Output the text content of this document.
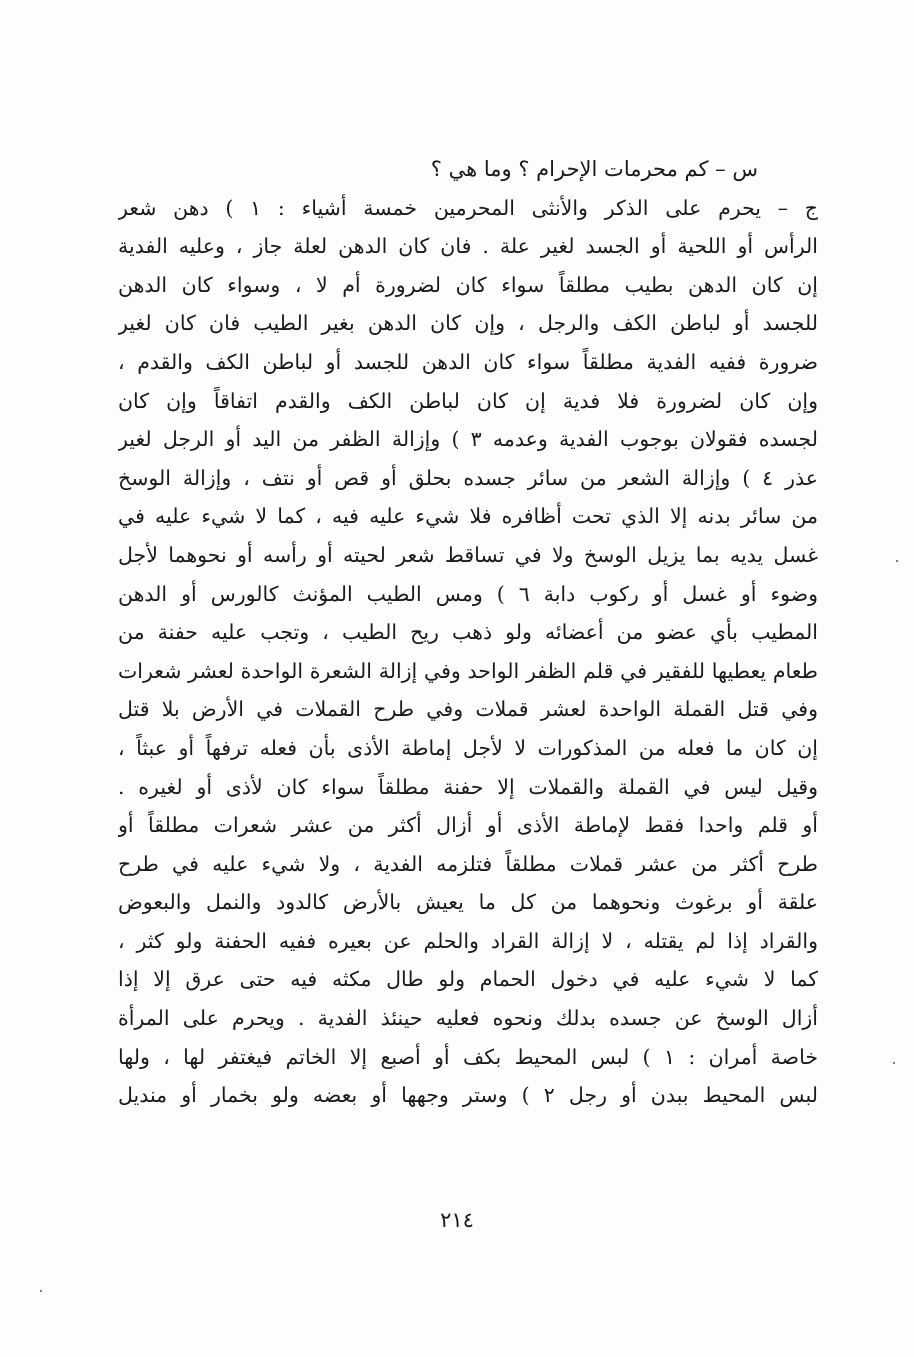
س – كم محرمات الإحرام ؟ وما هي ؟
ج – يحرم على الذكر والأنثى المحرمين خمسة أشياء : ١ ) دهن شعر
الرأس أو اللحية أو الجسد لغير علة . فان كان الدهن لعلة جاز ، وعليه الفدية
إن كان الدهن بطيب مطلقاً سواء كان لضرورة أم لا ، وسواء كان الدهن
للجسد أو لباطن الكف والرجل ، وإن كان الدهن بغير الطيب فان كان لغير
ضرورة ففيه الفدية مطلقاً سواء كان الدهن للجسد أو لباطن الكف والقدم ،
وإن كان لضرورة فلا فدية إن كان لباطن الكف والقدم اتفاقاً وإن كان
لجسده فقولان بوجوب الفدية وعدمه ٣ ) وإزالة الظفر من اليد أو الرجل لغير
عذر ٤ ) وإزالة الشعر من سائر جسده بحلق أو قص أو نتف ، وإزالة الوسخ
من سائر بدنه إلا الذي تحت أظافره فلا شيء عليه فيه ، كما لا شيء عليه في
غسل يديه بما يزيل الوسخ ولا في تساقط شعر لحيته أو رأسه أو نحوهما لأجل
وضوء أو غسل أو ركوب دابة ٦ ) ومس الطيب المؤنث كالورس أو الدهن
المطيب بأي عضو من أعضائه ولو ذهب ريح الطيب ، وتجب عليه حفنة من
طعام يعطيها للفقير في قلم الظفر الواحد وفي إزالة الشعرة الواحدة لعشر شعرات
وفي قتل القملة الواحدة لعشر قملات وفي طرح القملات في الأرض بلا قتل
إن كان ما فعله من المذكورات لا لأجل إماطة الأذى بأن فعله ترفهاً أو عبثاً ،
وقيل ليس في القملة والقملات إلا حفنة مطلقاً سواء كان لأذى أو لغيره .
أو قلم واحدا فقط لإماطة الأذى أو أزال أكثر من عشر شعرات مطلقاً أو
طرح أكثر من عشر قملات مطلقاً فتلزمه الفدية ، ولا شيء عليه في طرح
علقة أو برغوث ونحوهما من كل ما يعيش بالأرض كالدود والنمل والبعوض
والقراد إذا لم يقتله ، لا إزالة القراد والحلم عن بعيره ففيه الحفنة ولو كثر ،
كما لا شيء عليه في دخول الحمام ولو طال مكثه فيه حتى عرق إلا إذا
أزال الوسخ عن جسده بدلك ونحوه فعليه حينئذ الفدية . ويحرم على المرأة
خاصة أمران : ١ ) لبس المحيط بكف أو أصبع إلا الخاتم فيغتفر لها ، ولها
لبس المحيط ببدن أو رجل ٢ ) وستر وجهها أو بعضه ولو بخمار أو منديل
٢١٤
